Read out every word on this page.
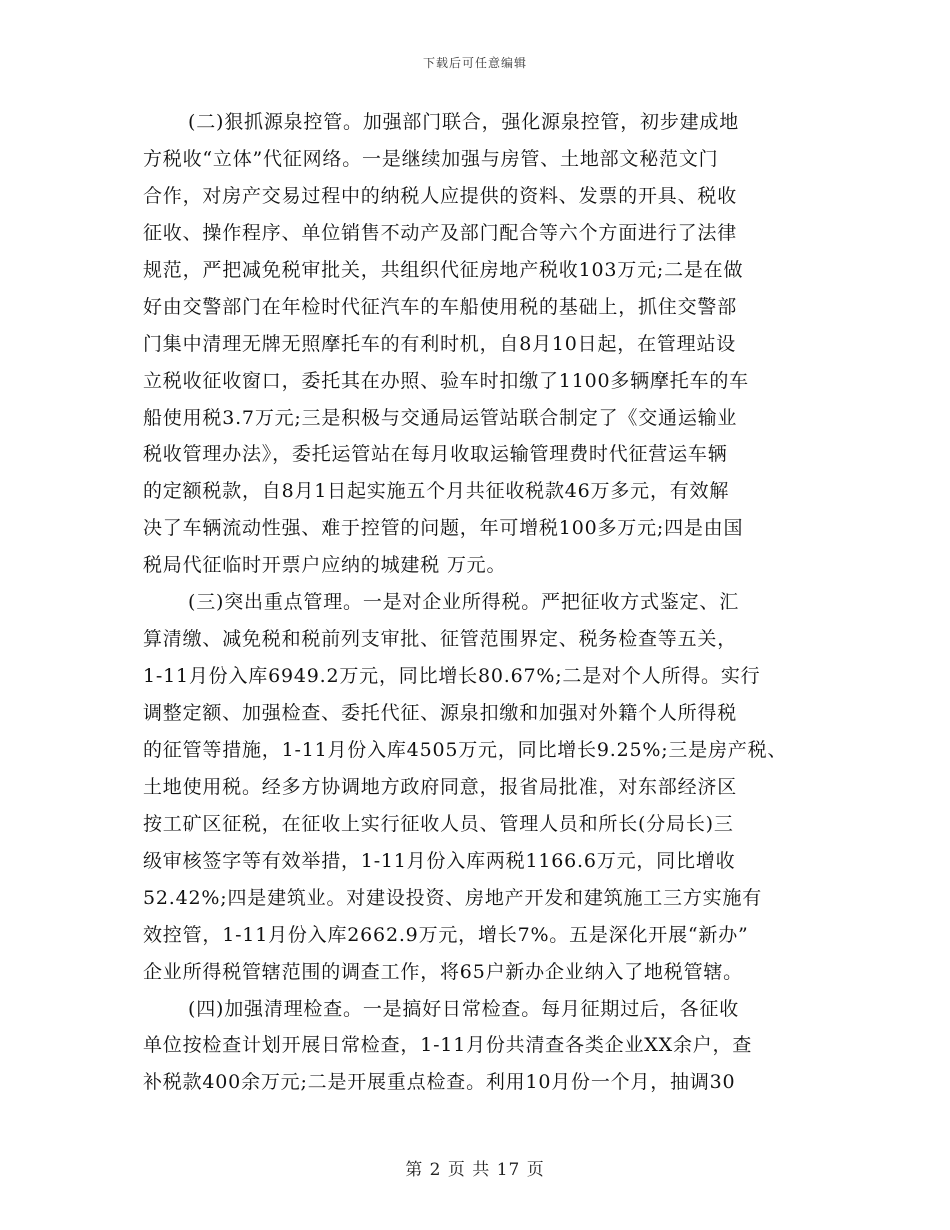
下载后可任意编辑
(二)狠抓源泉控管。加强部门联合，强化源泉控管，初步建成地
方税收“立体”代征网络。一是继续加强与房管、土地部文秘范文门
合作，对房产交易过程中的纳税人应提供的资料、发票的开具、税收
征收、操作程序、单位销售不动产及部门配合等六个方面进行了法律
规范，严把减免税审批关，共组织代征房地产税收103万元;二是在做
好由交警部门在年检时代征汽车的车船使用税的基础上，抓住交警部
门集中清理无牌无照摩托车的有利时机，自8月10日起，在管理站设
立税收征收窗口，委托其在办照、验车时扣缴了1100多辆摩托车的车
船使用税3.7万元;三是积极与交通局运管站联合制定了《交通运输业
税收管理办法》，委托运管站在每月收取运输管理费时代征营运车辆
的定额税款，自8月1日起实施五个月共征收税款46万多元，有效解
决了车辆流动性强、难于控管的问题，年可增税100多万元;四是由国
税局代征临时开票户应纳的城建税 万元。
(三)突出重点管理。一是对企业所得税。严把征收方式鉴定、汇
算清缴、减免税和税前列支审批、征管范围界定、税务检查等五关，
1-11月份入库6949.2万元，同比增长80.67%;二是对个人所得。实行
调整定额、加强检查、委托代征、源泉扣缴和加强对外籍个人所得税
的征管等措施，1-11月份入库4505万元，同比增长9.25%;三是房产税、
土地使用税。经多方协调地方政府同意，报省局批准，对东部经济区
按工矿区征税，在征收上实行征收人员、管理人员和所长(分局长)三
级审核签字等有效举措，1-11月份入库两税1166.6万元，同比增收
52.42%;四是建筑业。对建设投资、房地产开发和建筑施工三方实施有
效控管，1-11月份入库2662.9万元，增长7%。五是深化开展“新办”
企业所得税管辖范围的调查工作，将65户新办企业纳入了地税管辖。
(四)加强清理检查。一是搞好日常检查。每月征期过后，各征收
单位按检查计划开展日常检查，1-11月份共清查各类企业XX余户，查
补税款400余万元;二是开展重点检查。利用10月份一个月，抽调30
第 2 页 共 17 页
